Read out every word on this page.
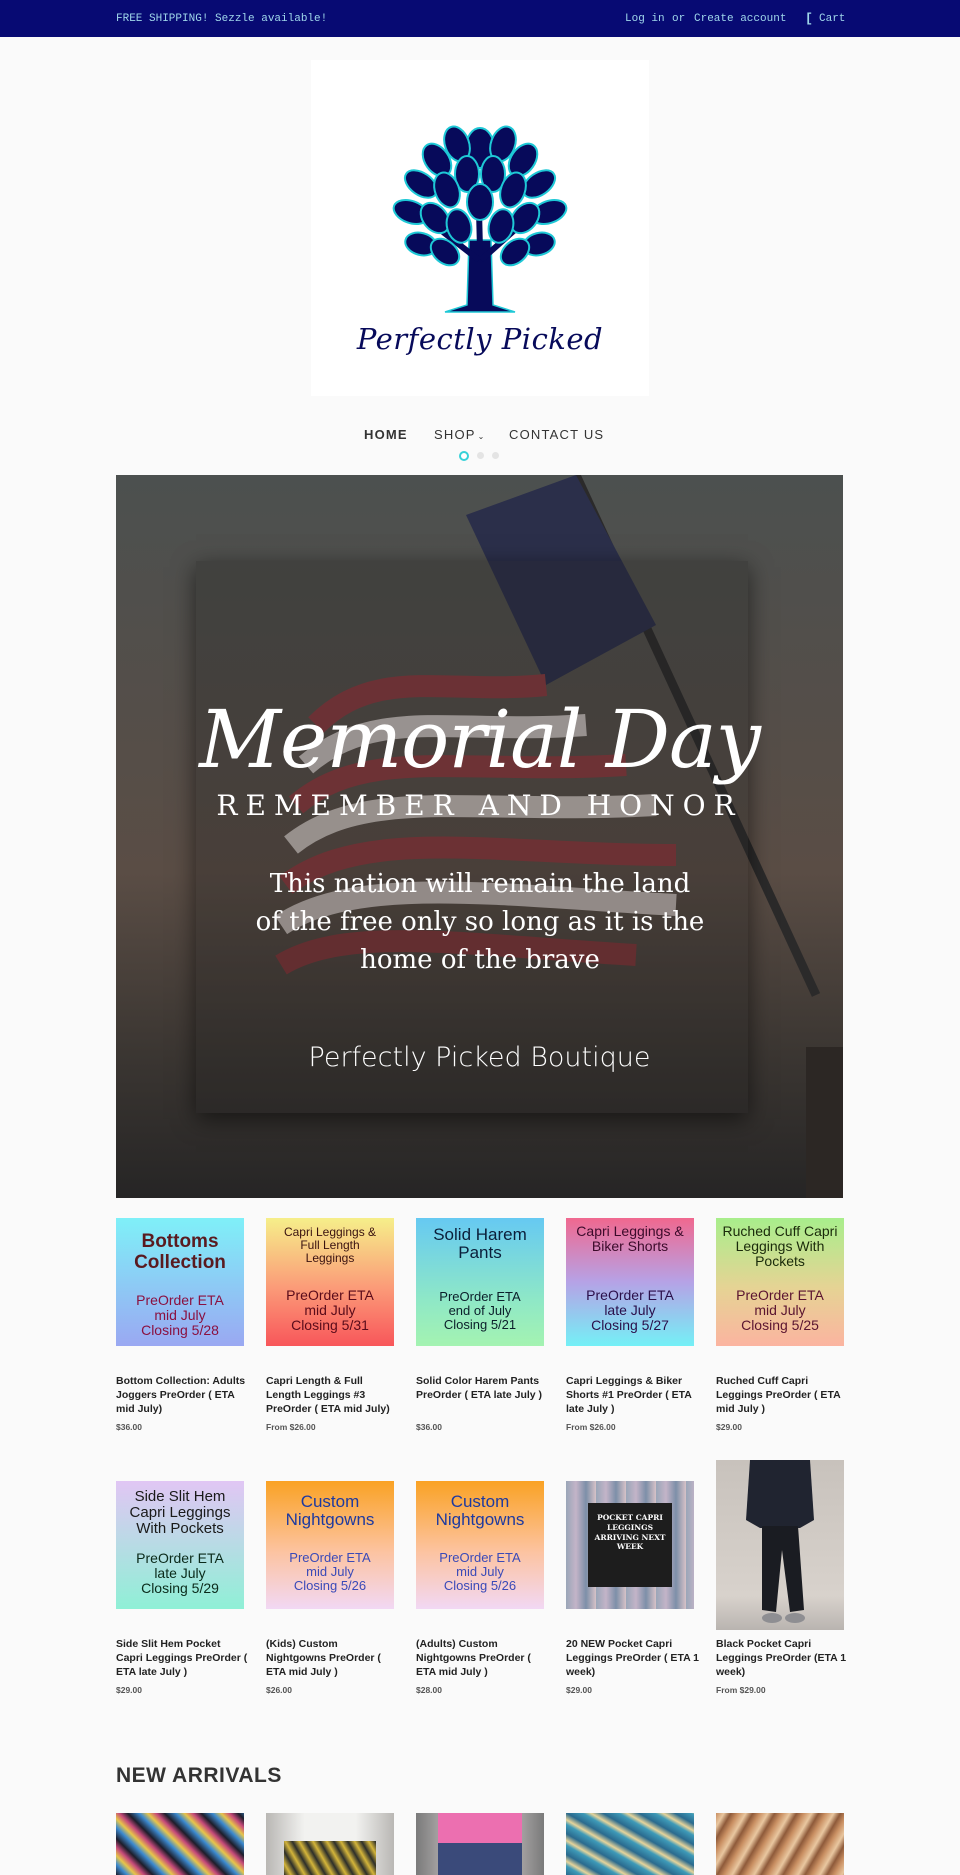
FREE SHIPPING! Sezzle available!	Log in or Create account [ Cart
Perfectly Picked
HOME SHOP ⌄ CONTACT US
Memorial Day
REMEMBER AND HONOR
This nation will remain the land of the free only so long as it is the home of the brave
Perfectly Picked Boutique
Bottoms Collection
PreOrder ETA mid July Closing 5/28
Bottom Collection: Adults Joggers PreOrder ( ETA mid July)
$36.00
Capri Leggings & Full Length Leggings
PreOrder ETA mid July Closing 5/31
Capri Length & Full Length Leggings #3 PreOrder ( ETA mid July)
From $26.00
Solid Harem Pants
PreOrder ETA end of July Closing 5/21
Solid Color Harem Pants PreOrder ( ETA late July )
$36.00
Capri Leggings & Biker Shorts
PreOrder ETA late July Closing 5/27
Capri Leggings & Biker Shorts #1 PreOrder ( ETA late July )
From $26.00
Ruched Cuff Capri Leggings With Pockets
PreOrder ETA mid July Closing 5/25
Ruched Cuff Capri Leggings PreOrder ( ETA mid July )
$29.00
Side Slit Hem Capri Leggings With Pockets
PreOrder ETA late July Closing 5/29
Side Slit Hem Pocket Capri Leggings PreOrder ( ETA late July )
$29.00
Custom Nightgowns
PreOrder ETA mid July Closing 5/26
(Kids) Custom Nightgowns PreOrder ( ETA mid July )
$26.00
Custom Nightgowns
PreOrder ETA mid July Closing 5/26
(Adults) Custom Nightgowns PreOrder ( ETA mid July )
$28.00
POCKET CAPRI LEGGINGS ARRIVING NEXT WEEK
20 NEW Pocket Capri Leggings PreOrder ( ETA 1 week)
$29.00
Black Pocket Capri Leggings PreOrder (ETA 1 week)
From $29.00
NEW ARRIVALS
